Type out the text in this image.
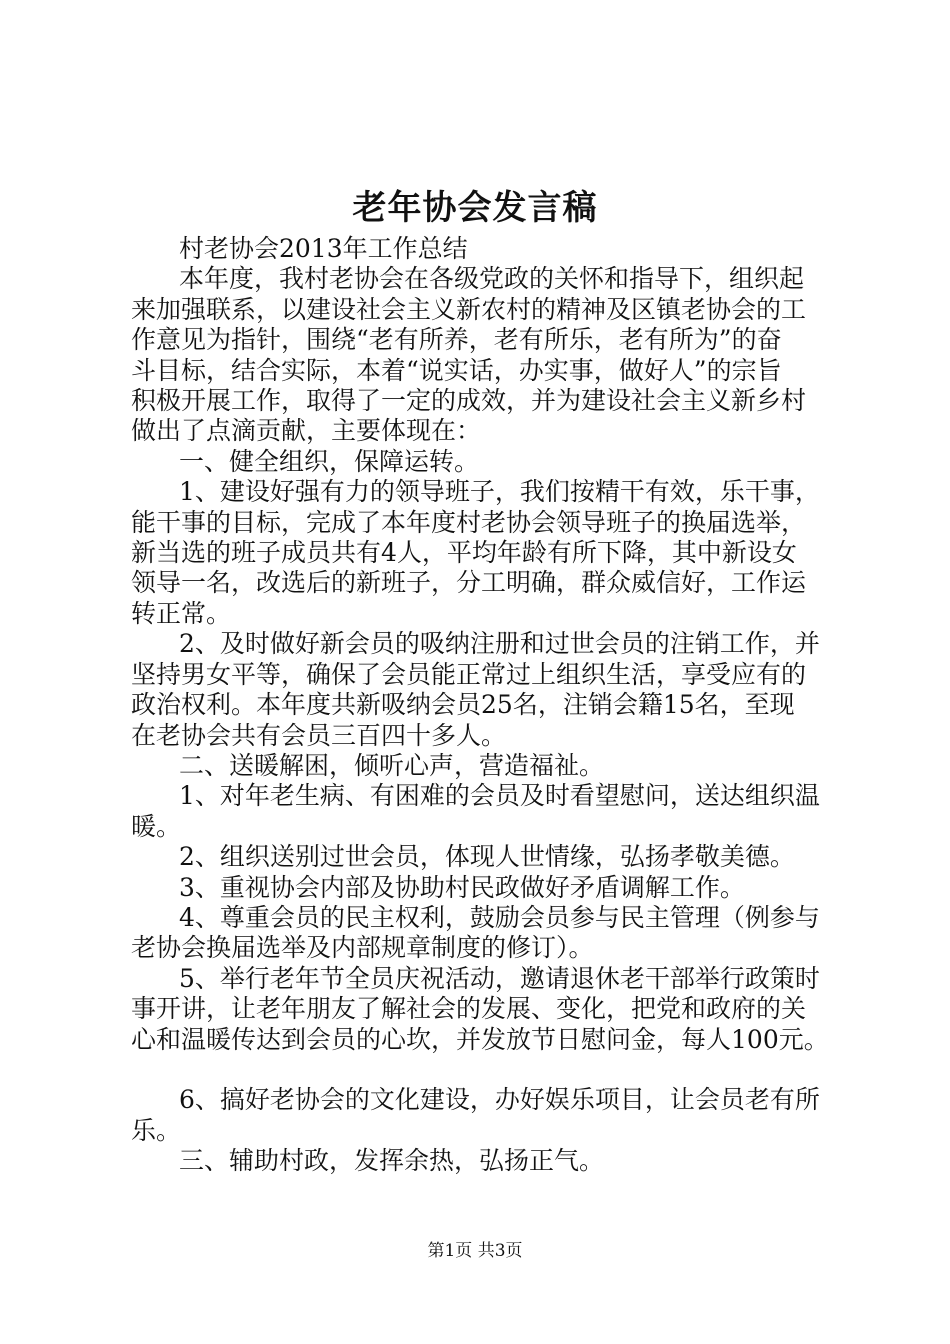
老年协会发言稿
村老协会2013年工作总结
本年度，我村老协会在各级党政的关怀和指导下，组织起
来加强联系，以建设社会主义新农村的精神及区镇老协会的工
作意见为指针，围绕“老有所养，老有所乐，老有所为”的奋
斗目标，结合实际，本着“说实话，办实事，做好人”的宗旨
积极开展工作，取得了一定的成效，并为建设社会主义新乡村
做出了点滴贡献，主要体现在：
一、健全组织，保障运转。
1、建设好强有力的领导班子，我们按精干有效，乐干事，
能干事的目标，完成了本年度村老协会领导班子的换届选举，
新当选的班子成员共有4人，平均年龄有所下降，其中新设女
领导一名，改选后的新班子，分工明确，群众威信好，工作运
转正常。
2、及时做好新会员的吸纳注册和过世会员的注销工作，并
坚持男女平等，确保了会员能正常过上组织生活，享受应有的
政治权利。本年度共新吸纳会员25名，注销会籍15名，至现
在老协会共有会员三百四十多人。
二、送暖解困，倾听心声，营造福祉。
1、对年老生病、有困难的会员及时看望慰问，送达组织温
暖。
2、组织送别过世会员，体现人世情缘，弘扬孝敬美德。
3、重视协会内部及协助村民政做好矛盾调解工作。
4、尊重会员的民主权利，鼓励会员参与民主管理（例参与
老协会换届选举及内部规章制度的修订）。
5、举行老年节全员庆祝活动，邀请退休老干部举行政策时
事开讲，让老年朋友了解社会的发展、变化，把党和政府的关
心和温暖传达到会员的心坎，并发放节日慰问金，每人100元。
6、搞好老协会的文化建设，办好娱乐项目，让会员老有所
乐。
三、辅助村政，发挥余热，弘扬正气。
第1页 共3页
